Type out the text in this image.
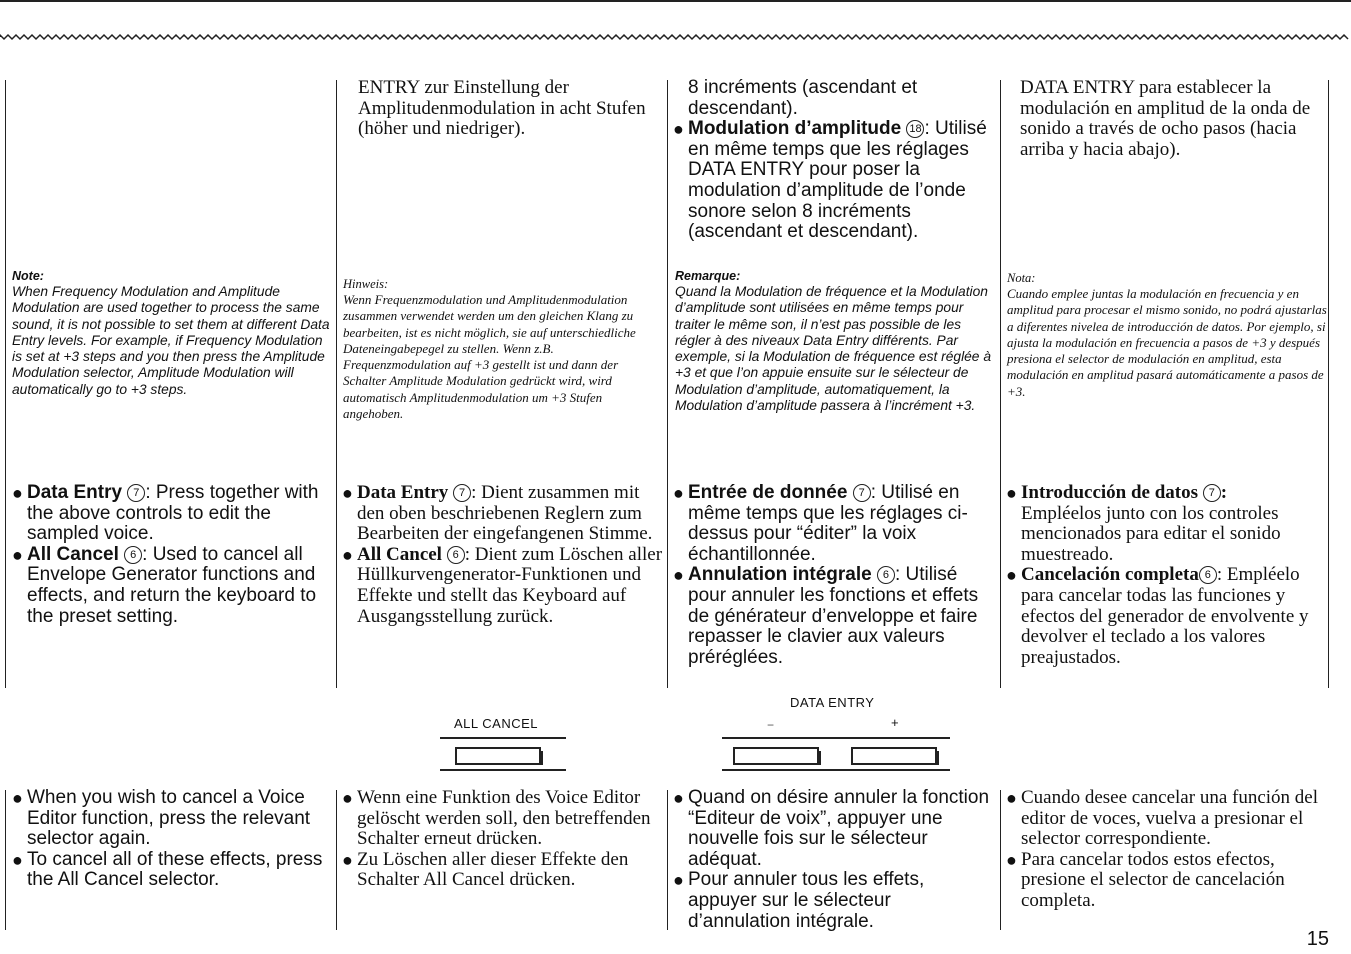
Note:

When Frequency Modulation and Amplitude Modulation are used together to process the same sound, it is not possible to set them at different Data Entry levels. For example, if Frequency Modulation is set at +3 steps and you then press the Amplitude Modulation selector, Amplitude Modulation will automatically go to +3 steps.

● Data Entry 7 : Press together with the above controls to edit the sampled voice.
● All Cancel 6 : Used to cancel all Envelope Generator functions and effects, and return the keyboard to the preset setting.

ENTRY zur Einstellung der Amplitudenmodulation in acht Stufen (höher und niedriger).

Hinweis:

Wenn Frequenzmodulation und Amplitudenmodulation zusammen verwendet werden um den gleichen Klang zu bearbeiten, ist es nicht möglich, sie auf unterschiedliche Dateneingabepegel zu stellen. Wenn z.B. Frequenzmodulation auf +3 gestellt ist und dann der Schalter Amplitude Modulation gedrückt wird, wird automatisch Amplitudenmodulation um +3 Stufen angehoben.

● Data Entry 7 : Dient zusammen mit den oben beschriebenen Reglern zum Bearbeiten der eingefangenen Stimme.
● All Cancel 6 : Dient zum Löschen aller Hüllkurvengenerator-Funktionen und Effekte und stellt das Keyboard auf Ausgangsstellung zurück.

8 incréments (ascendant et descendant).

● Modulation d’amplitude 18 : Utilisé en même temps que les réglages DATA ENTRY pour poser la modulation d’amplitude de l’onde sonore selon 8 incréments (ascendant et descendant).

Remarque:

Quand la Modulation de fréquence et la Modulation d’amplitude sont utilisées en même temps pour traiter le même son, il n’est pas possible de les régler à des niveaux Data Entry différents. Par exemple, si la Modulation de fréquence est réglée à +3 et que l’on appuie ensuite sur le sélecteur de Modulation d’amplitude, automatiquement, la Modulation d’amplitude passera à l’incrément +3.

● Entrée de donnée 7 : Utilisé en même temps que les réglages ci-dessus pour “éditer” la voix échantillonnée.
● Annulation intégrale 6 : Utilisé pour annuler les fonctions et effets de générateur d’enveloppe et faire repasser le clavier aux valeurs préréglées.

DATA ENTRY para establecer la modulación en amplitud de la onda de sonido a través de ocho pasos (hacia arriba y hacia abajo).

Nota:

Cuando emplee juntas la modulación en frecuencia y en amplitud para procesar el mismo sonido, no podrá ajustarlas a diferentes nivelea de introducción de datos. Por ejemplo, si ajusta la modulación en frecuencia a pasos de +3 y después presiona el selector de modulación en amplitud, esta modulación en amplitud pasará automáticamente a pasos de +3.

● Introducción de datos 7 :

Empléelos junto con los controles mencionados para editar el sonido muestreado.

● Cancelación completa 6 : Empléelo para cancelar todas las funciones y efectos del generador de envolvente y devolver el teclado a los valores preajustados.
ALL CANCEL
DATA ENTRY
−	+
● When you wish to cancel a Voice Editor function, press the relevant selector again.
● To cancel all of these effects, press the All Cancel selector.
● Wenn eine Funktion des Voice Editor gelöscht werden soll, den betreffenden Schalter erneut drücken.
● Zu Löschen aller dieser Effekte den Schalter All Cancel drücken.
● Quand on désire annuler la fonction “Editeur de voix”, appuyer une nouvelle fois sur le sélecteur adéquat.
● Pour annuler tous les effets, appuyer sur le sélecteur d’annulation intégrale.
● Cuando desee cancelar una función del editor de voces, vuelva a presionar el selector correspondiente.
● Para cancelar todos estos efectos, presione el selector de cancelación completa.
15
